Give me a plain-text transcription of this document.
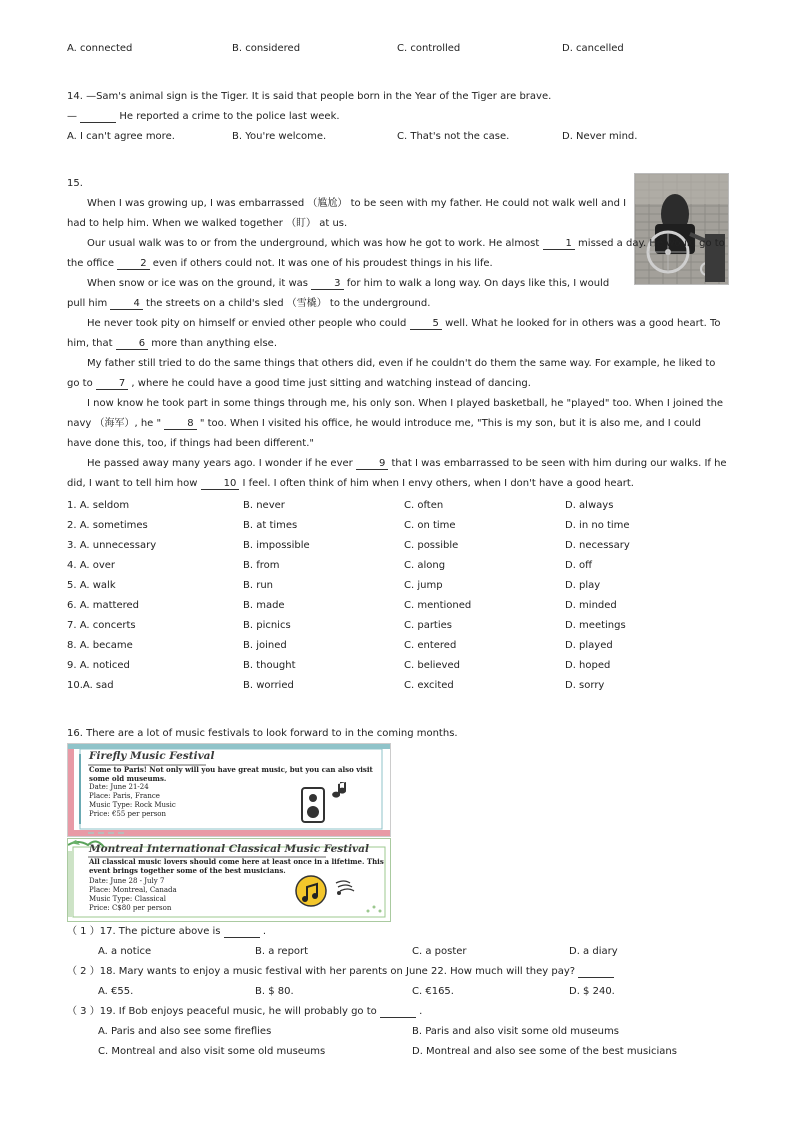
A. connected	B. considered	C. controlled	D. cancelled
14. —Sam's animal sign is the Tiger. It is said that people born in the Year of the Tiger are brave.
—	He reported a crime to the police last week.
A. I can't agree more.	B. You're welcome.	C. That's not the case.	D. Never mind.
15.
When I was growing up, I was embarrassed （尴尬） to be seen with my father. He could not walk well and I had to help him. When we walked together （盯） at us.
Our usual walk was to or from the underground, which was how he got to work. He almost 1 missed a day. He would go to the office 2 even if others could not. It was one of his proudest things in his life.
When snow or ice was on the ground, it was 3 for him to walk a long way. On days like this, I would pull him 4 the streets on a child's sled （雪橇） to the underground.
He never took pity on himself or envied other people who could 5 well. What he looked for in others was a good heart. To him, that 6 more than anything else.
My father still tried to do the same things that others did, even if he couldn't do them the same way. For example, he liked to go to 7 , where he could have a good time just sitting and watching instead of dancing.
I now know he took part in some things through me, his only son. When I played basketball, he "played" too. When I joined the navy （海军）, he " 8 " too. When I visited his office, he would introduce me, "This is my son, but it is also me, and I could have done this, too, if things had been different."
He passed away many years ago. I wonder if he ever 9 that I was embarrassed to be seen with him during our walks. If he did, I want to tell him how 10 I feel. I often think of him when I envy others, when I don't have a good heart.
1. A. seldom	B. never	C. often	D. always
2. A. sometimes	B. at times	C. on time	D. in no time
3. A. unnecessary	B. impossible	C. possible	D. necessary
4. A. over	B. from	C. along	D. off
5. A. walk	B. run	C. jump	D. play
6. A. mattered	B. made	C. mentioned	D. minded
7. A. concerts	B. picnics	C. parties	D. meetings
8. A. became	B. joined	C. entered	D. played
9. A. noticed	B. thought	C. believed	D. hoped
10.A. sad	B. worried	C. excited	D. sorry
16. There are a lot of music festivals to look forward to in the coming months.
Firefly Music Festival
Come to Paris! Not only will you have great music, but you can also visit some old museums.
Date: June 21-24
Place: Paris, France
Music Type: Rock Music
Price: €55 per person
Montreal International Classical Music Festival
All classical music lovers should come here at least once in a lifetime. This event brings together some of the best musicians.
Date: June 28 - July 7
Place: Montreal, Canada
Music Type: Classical
Price: C$80 per person
（ 1 ）17. The picture above is	.
A. a notice	B. a report	C. a poster	D. a diary
（ 2 ）18. Mary wants to enjoy a music festival with her parents on June 22. How much will they pay?
A. €55.	B. $ 80.	C. €165.	D. $ 240.
（ 3 ）19. If Bob enjoys peaceful music, he will probably go to	.
A. Paris and also see some fireflies	B. Paris and also visit some old museums
C. Montreal and also visit some old museums	D. Montreal and also see some of the best musicians
